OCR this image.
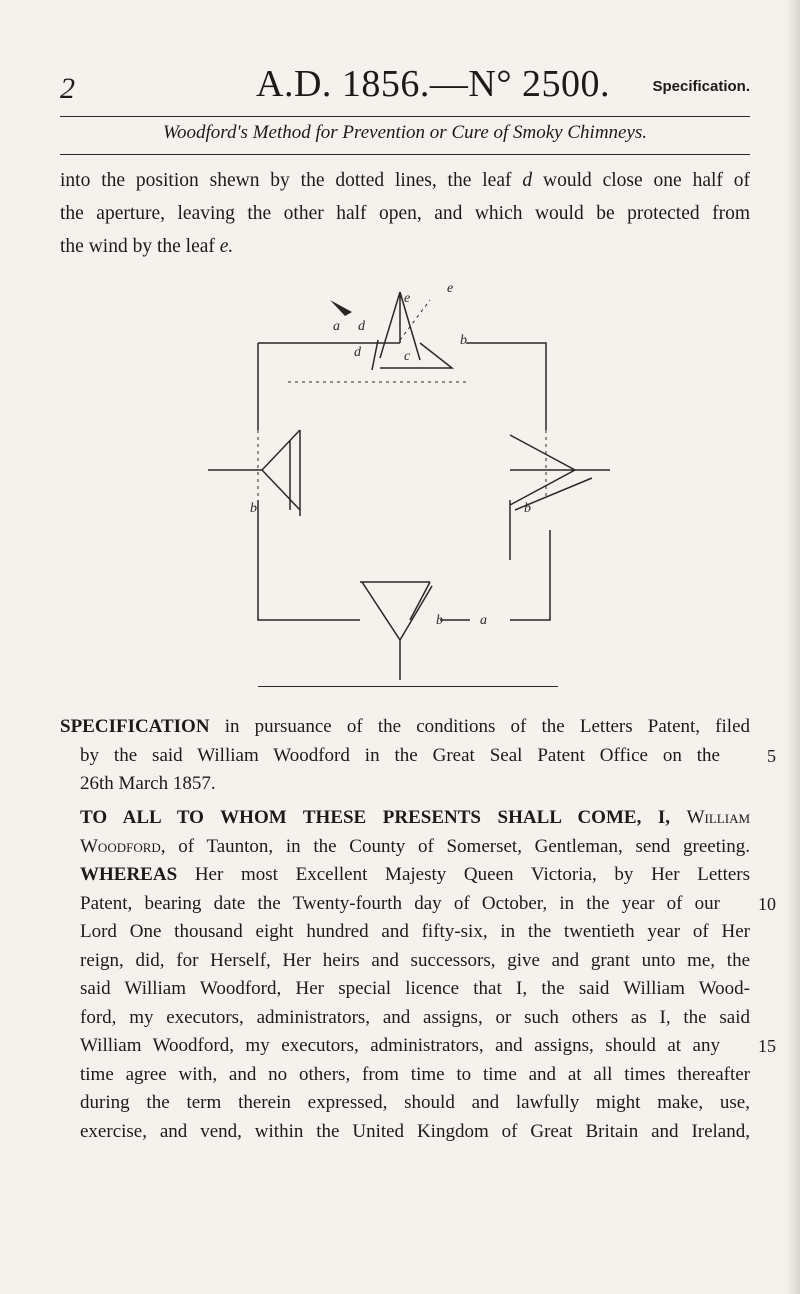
2	A.D. 1856.—N° 2500.	Specification.
Woodford's Method for Prevention or Cure of Smoky Chimneys.
into the position shewn by the dotted lines, the leaf d would close one half of
the aperture, leaving the other half open, and which would be protected from
the wind by the leaf e.
e
e
a d
b
d	c
b	b
b	a
SPECIFICATION in pursuance of the conditions of the Letters Patent, filed
by the said William Woodford in the Great Seal Patent Office on the	5
26th March 1857.
TO ALL TO WHOM THESE PRESENTS SHALL COME, I, William
Woodford, of Taunton, in the County of Somerset, Gentleman, send greeting.
WHEREAS Her most Excellent Majesty Queen Victoria, by Her Letters
Patent, bearing date the Twenty-fourth day of October, in the year of our	10
Lord One thousand eight hundred and fifty-six, in the twentieth year of Her
reign, did, for Herself, Her heirs and successors, give and grant unto me, the
said William Woodford, Her special licence that I, the said William Wood-
ford, my executors, administrators, and assigns, or such others as I, the said
William Woodford, my executors, administrators, and assigns, should at any	15
time agree with, and no others, from time to time and at all times thereafter
during the term therein expressed, should and lawfully might make, use,
exercise, and vend, within the United Kingdom of Great Britain and Ireland,
